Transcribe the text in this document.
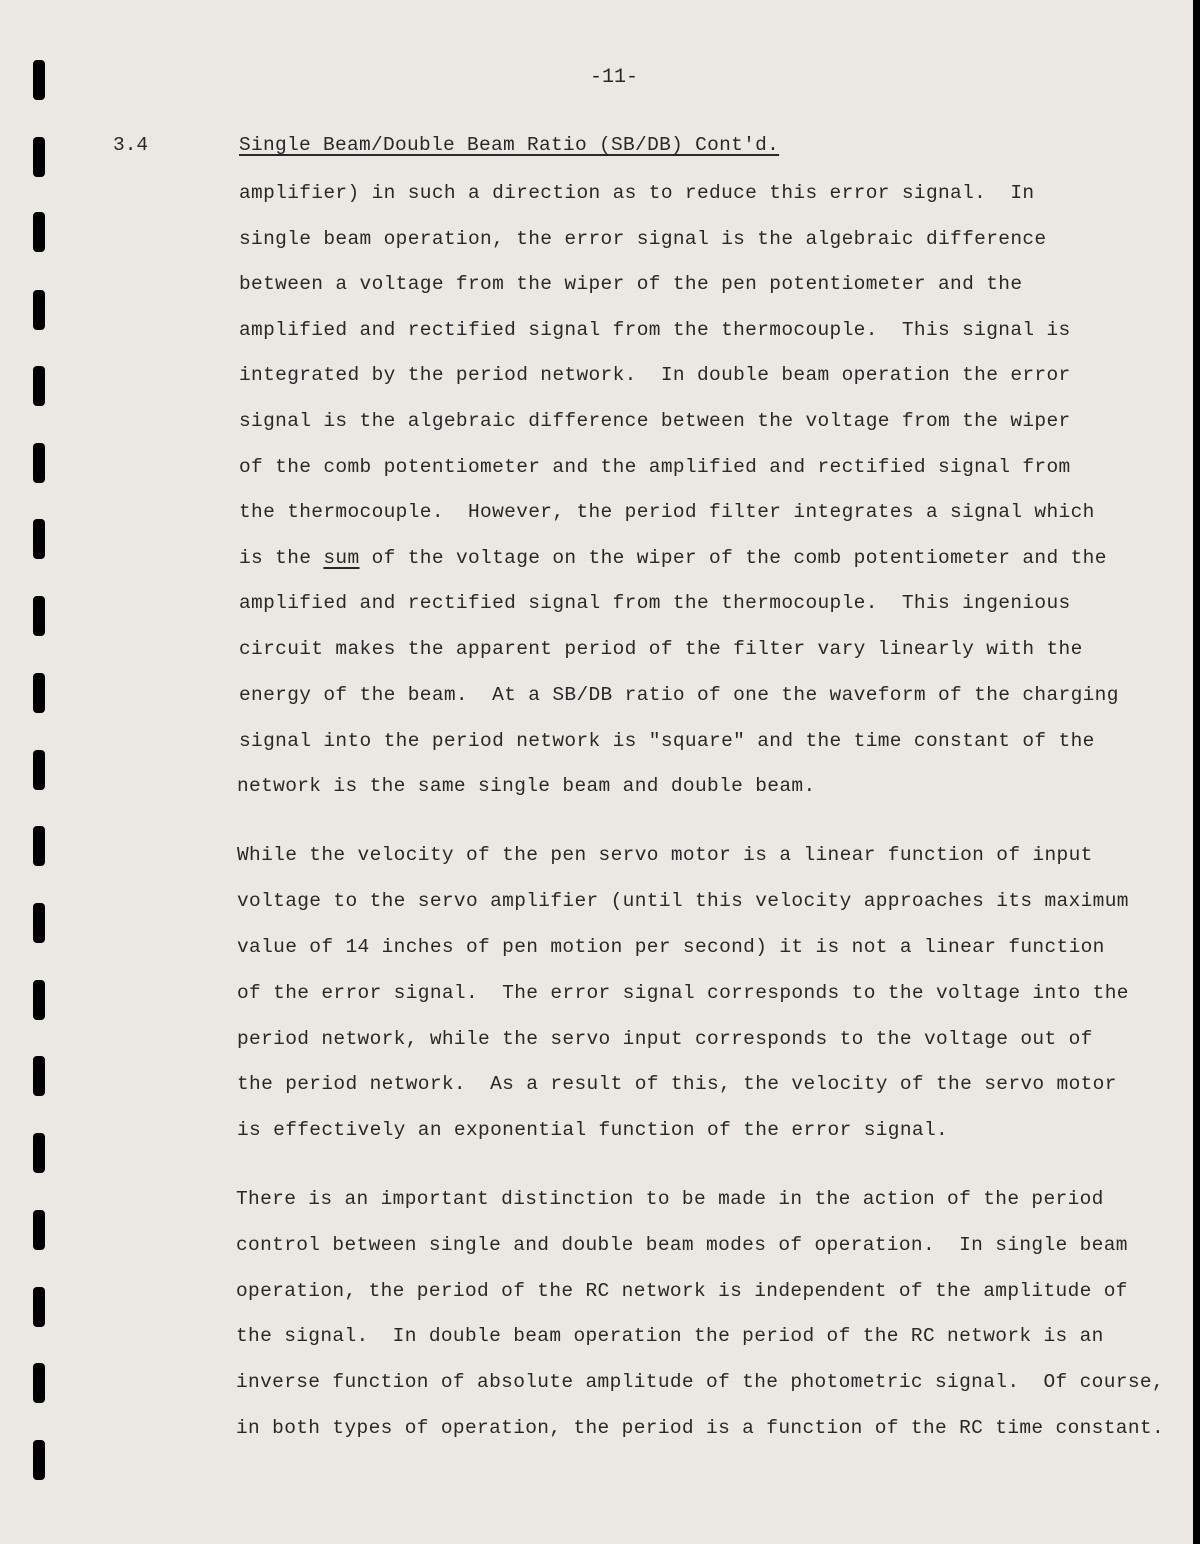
-11-
3.4	Single Beam/Double Beam Ratio (SB/DB) Cont'd.
amplifier) in such a direction as to reduce this error signal.  In
single beam operation, the error signal is the algebraic difference
between a voltage from the wiper of the pen potentiometer and the
amplified and rectified signal from the thermocouple.  This signal is
integrated by the period network.  In double beam operation the error
signal is the algebraic difference between the voltage from the wiper
of the comb potentiometer and the amplified and rectified signal from
the thermocouple.  However, the period filter integrates a signal which
is the sum of the voltage on the wiper of the comb potentiometer and the
amplified and rectified signal from the thermocouple.  This ingenious
circuit makes the apparent period of the filter vary linearly with the
energy of the beam.  At a SB/DB ratio of one the waveform of the charging
signal into the period network is "square" and the time constant of the
network is the same single beam and double beam.
While the velocity of the pen servo motor is a linear function of input
voltage to the servo amplifier (until this velocity approaches its maximum
value of 14 inches of pen motion per second) it is not a linear function
of the error signal.  The error signal corresponds to the voltage into the
period network, while the servo input corresponds to the voltage out of
the period network.  As a result of this, the velocity of the servo motor
is effectively an exponential function of the error signal.
There is an important distinction to be made in the action of the period
control between single and double beam modes of operation.  In single beam
operation, the period of the RC network is independent of the amplitude of
the signal.  In double beam operation the period of the RC network is an
inverse function of absolute amplitude of the photometric signal.  Of course,
in both types of operation, the period is a function of the RC time constant.
